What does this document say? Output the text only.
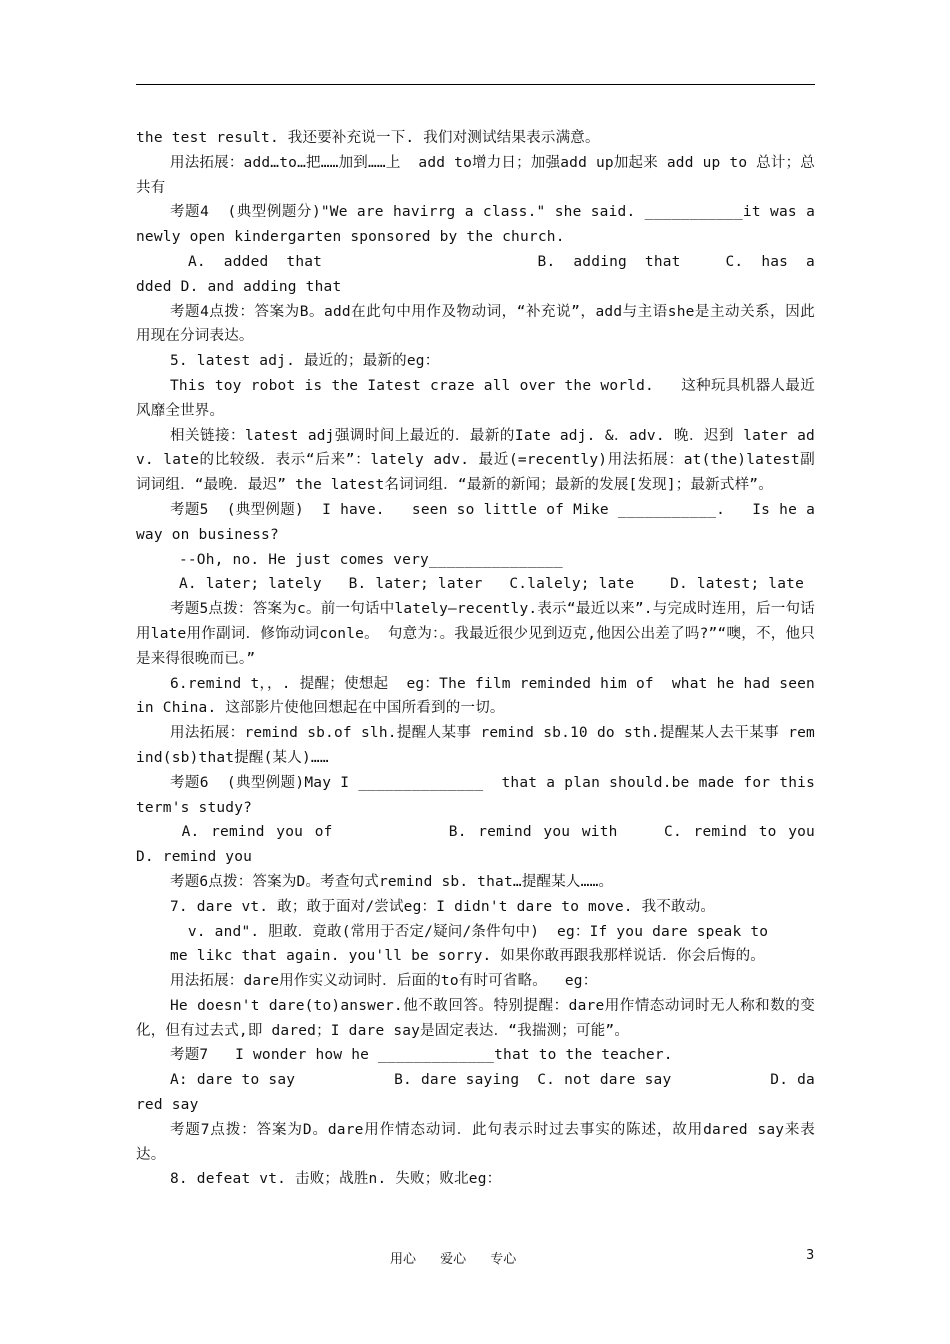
the test result. 我还要补充说一下. 我们对测试结果表示满意。

用法拓展：add…to…把……加到……上  add to增力日；加强add up加起来 add up to 总计；总共有

考题4  (典型例题分)"We are havirrg a class." she said. ___________it was a newly open kindergarten sponsored by the church.

A.  added  that                        B.  adding  that     C.  has  added D. and adding that

考题4点拨：答案为B。add在此句中用作及物动词，“补充说”，add与主语she是主动关系，因此用现在分词表达。

5. latest adj. 最近的；最新的eg：

This toy robot is the Iatest craze all over the world.   这种玩具机器人最近风靡全世界。

相关链接：latest adj强调时间上最近的．最新的Iate adj. &．adv. 晚．迟到 later adv. late的比较级．表示“后来”：lately adv. 最近(=recently)用法拓展：at(the)latest副词词组．“最晚．最迟” the latest名词词组．“最新的新闻；最新的发展[发现]；最新式样”。

考题5  (典型例题)  I have.   seen so little of Mike ___________.   Is he away on business?

--Oh, no. He just comes very_______________

A. later; lately   B. later; later   C.lalely; late    D. latest; late

考题5点拨：答案为c。前一句话中lately—recently.表示“最近以来”.与完成时连用，后一句话用late用作副词．修饰动词conle。 句意为：。我最近很少见到迈克,他因公出差了吗?”“噢，不，他只是来得很晚而已。”

6.remind t，，. 提醒；使想起  eg：The film reminded him of  what he had seen in China. 这部影片使他回想起在中国所看到的一切。

用法拓展：remind sb.of slh.提醒人某事 remind sb.10 do sth.提醒某人去干某事 remind(sb)that提醒(某人)……

考题6  (典型例题)May I ______________  that a plan should.be made for this term's study?

A. remind you of          B. remind you with    C. remind to you           D. remind you

考题6点拨：答案为D。考查句式remind sb. that…提醒某人……。

7. dare vt. 敢；敢于面对/尝试eg：I didn't dare to move. 我不敢动。

v. and". 胆敢．竟敢(常用于否定/疑问/条件句中)  eg：If you dare speak to

me likc that again. you'll be sorry. 如果你敢再跟我那样说话．你会后悔的。

用法拓展：dare用作实义动词时．后面的to有时可省略。  eg：

He doesn't dare(to)answer.他不敢回答。特别提醒：dare用作情态动词时无人称和数的变化，但有过去式,即 dared；I dare say是固定表达．“我揣测；可能”。

考题7   I wonder how he _____________that to the teacher.

A: dare to say           B. dare saying  C. not dare say           D. dared say

考题7点拨：答案为D。dare用作情态动词．此句表示时过去事实的陈述，故用dared say来表达。

8. defeat vt. 击败；战胜n. 失败；败北eg：

用心 爱心 专心	3
